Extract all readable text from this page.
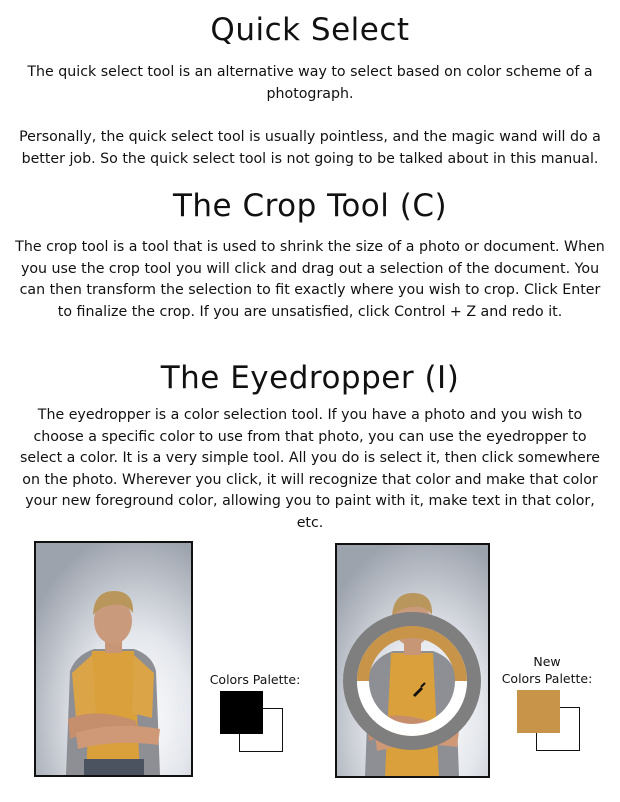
Quick Select

The quick select tool is an alternative way to select based on color scheme of a photograph.

Personally, the quick select tool is usually pointless, and the magic wand will do a better job. So the quick select tool is not going to be talked about in this manual.

The Crop Tool (C)

The crop tool is a tool that is used to shrink the size of a photo or document. When you use the crop tool you will click and drag out a selection of the document. You can then transform the selection to fit exactly where you wish to crop. Click Enter to finalize the crop. If you are unsatisfied, click Control + Z and redo it.

The Eyedropper (I)

The eyedropper is a color selection tool. If you have a photo and you wish to choose a specific color to use from that photo, you can use the eyedropper to select a color. It is a very simple tool. All you do is select it, then click somewhere on the photo. Wherever you click, it will recognize that color and make that color your new foreground color, allowing you to paint with it, make text in that color, etc.

Colors Palette:
New
Colors Palette:
